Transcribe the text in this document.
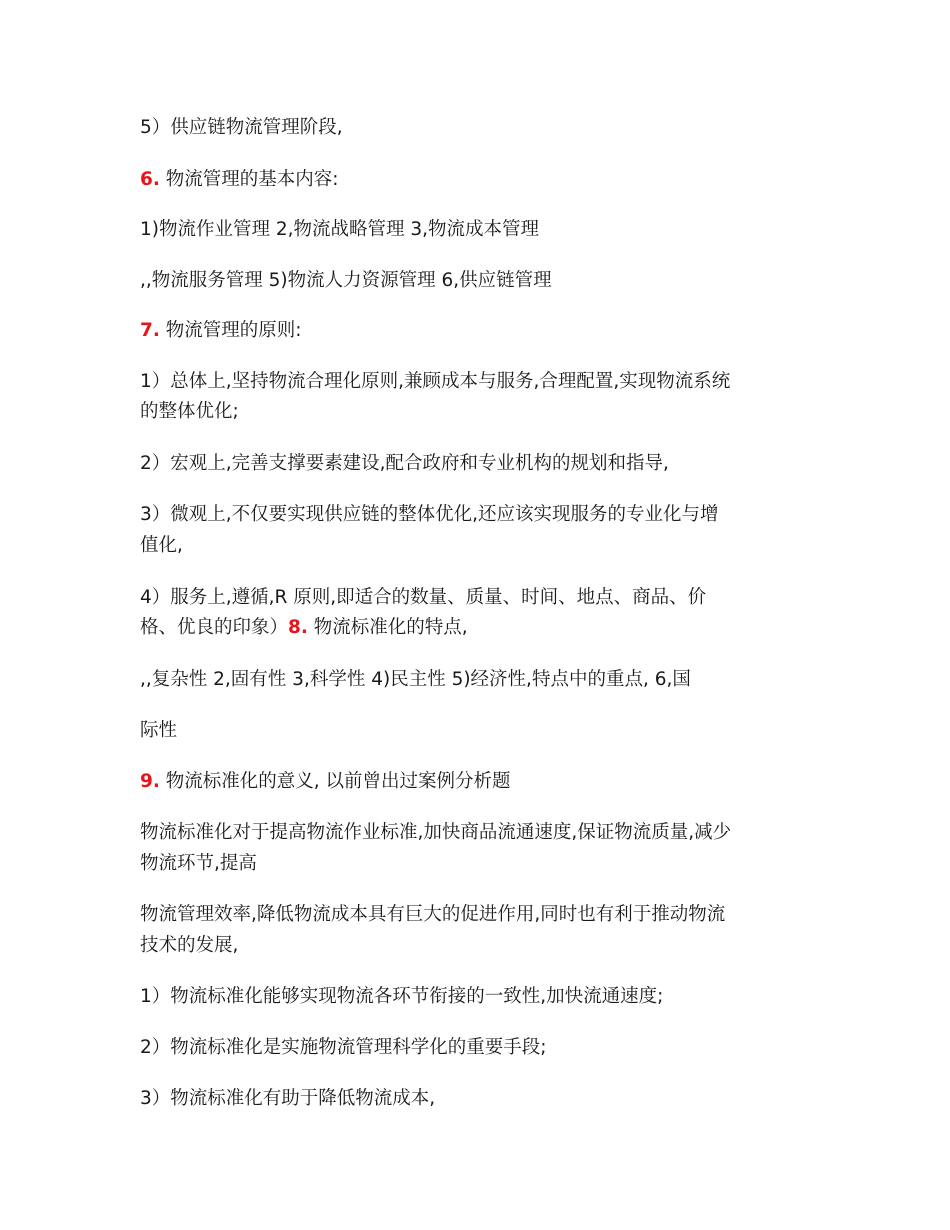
5）供应链物流管理阶段,
6. 物流管理的基本内容:
1)物流作业管理 2,物流战略管理 3,物流成本管理
,,物流服务管理 5)物流人力资源管理 6,供应链管理
7. 物流管理的原则:
1）总体上,坚持物流合理化原则,兼顾成本与服务,合理配置,实现物流系统
的整体优化;
2）宏观上,完善支撑要素建设,配合政府和专业机构的规划和指导,
3）微观上,不仅要实现供应链的整体优化,还应该实现服务的专业化与增
值化,
4）服务上,遵循,R 原则,即适合的数量、质量、时间、地点、商品、价
格、优良的印象）8. 物流标准化的特点,
,,复杂性 2,固有性 3,科学性 4)民主性 5)经济性,特点中的重点, 6,国
际性
9. 物流标准化的意义, 以前曾出过案例分析题
物流标准化对于提高物流作业标准,加快商品流通速度,保证物流质量,减少
物流环节,提高
物流管理效率,降低物流成本具有巨大的促进作用,同时也有利于推动物流
技术的发展,
1）物流标准化能够实现物流各环节衔接的一致性,加快流通速度;
2）物流标准化是实施物流管理科学化的重要手段;
3）物流标准化有助于降低物流成本,
